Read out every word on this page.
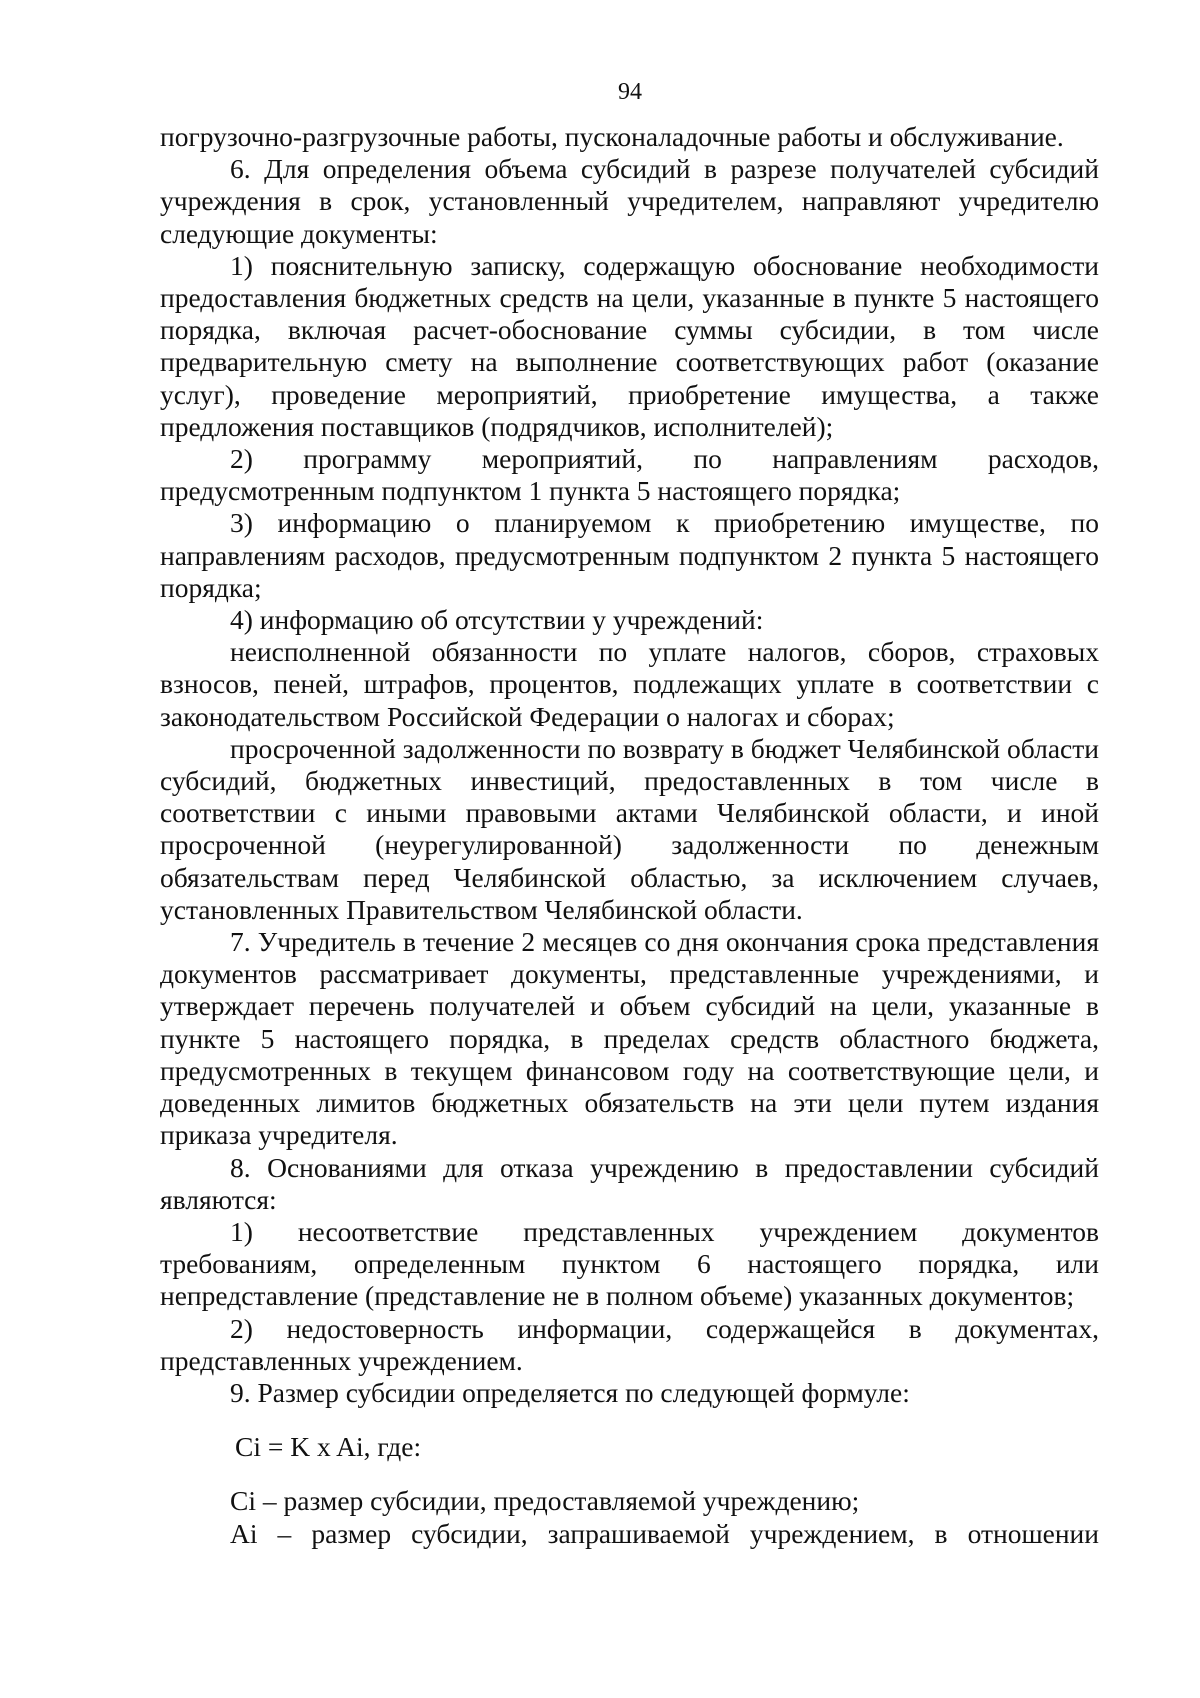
94

погрузочно-разгрузочные работы, пусконаладочные работы и обслуживание.

6. Для определения объема субсидий в разрезе получателей субсидий учреждения в срок, установленный учредителем, направляют учредителю следующие документы:

1) пояснительную записку, содержащую обоснование необходимости предоставления бюджетных средств на цели, указанные в пункте 5 настоящего порядка, включая расчет-обоснование суммы субсидии, в том числе предварительную смету на выполнение соответствующих работ (оказание услуг), проведение мероприятий, приобретение имущества, а также предложения поставщиков (подрядчиков, исполнителей);

2) программу мероприятий, по направлениям расходов, предусмотренным подпунктом 1 пункта 5 настоящего порядка;

3) информацию о планируемом к приобретению имуществе, по направлениям расходов, предусмотренным подпунктом 2 пункта 5 настоящего порядка;

4) информацию об отсутствии у учреждений:

неисполненной обязанности по уплате налогов, сборов, страховых взносов, пеней, штрафов, процентов, подлежащих уплате в соответствии с законодательством Российской Федерации о налогах и сборах;

просроченной задолженности по возврату в бюджет Челябинской области субсидий, бюджетных инвестиций, предоставленных в том числе в соответствии с иными правовыми актами Челябинской области, и иной просроченной (неурегулированной) задолженности по денежным обязательствам перед Челябинской областью, за исключением случаев, установленных Правительством Челябинской области.

7. Учредитель в течение 2 месяцев со дня окончания срока представления документов рассматривает документы, представленные учреждениями, и утверждает перечень получателей и объем субсидий на цели, указанные в пункте 5 настоящего порядка, в пределах средств областного бюджета, предусмотренных в текущем финансовом году на соответствующие цели, и доведенных лимитов бюджетных обязательств на эти цели путем издания приказа учредителя.

8. Основаниями для отказа учреждению в предоставлении субсидий являются:

1) несоответствие представленных учреждением документов требованиям, определенным пунктом 6 настоящего порядка, или непредставление (представление не в полном объеме) указанных документов;

2) недостоверность информации, содержащейся в документах, представленных учреждением.

9. Размер субсидии определяется по следующей формуле:

Ci = K x Ai, где:

Ci – размер субсидии, предоставляемой учреждению;

Ai – размер субсидии, запрашиваемой учреждением, в отношении
